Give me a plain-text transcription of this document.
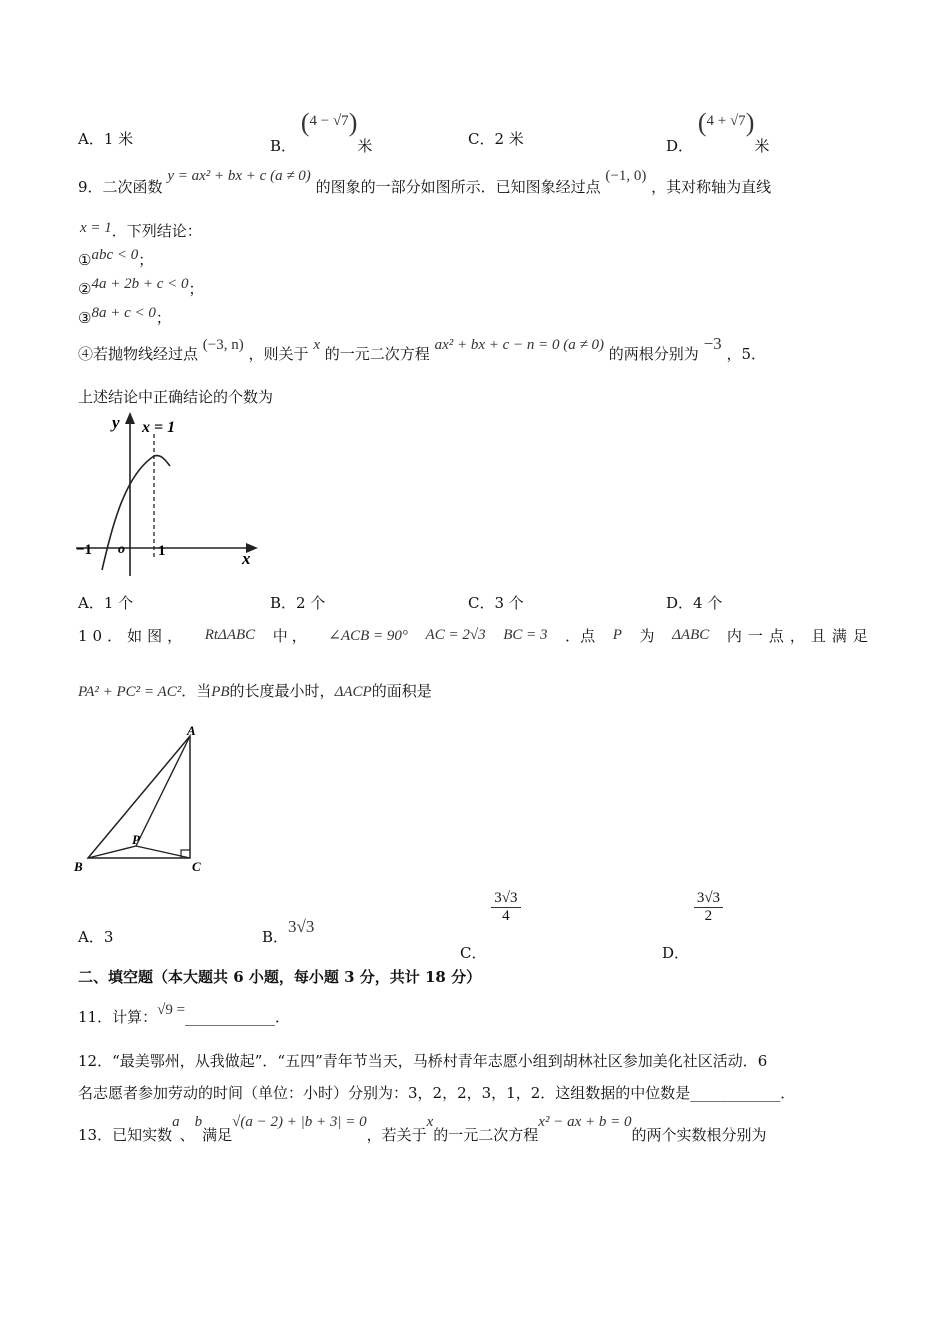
A．1 米	B． (4 − √7)米	C．2 米	D． (4 + √7)米
9．二次函数 y = ax² + bx + c (a ≠ 0) 的图象的一部分如图所示．已知图象经过点 (−1, 0) ，其对称轴为直线
x = 1．下列结论：
①abc < 0；
②4a + 2b + c < 0；
③8a + c < 0；
④若抛物线经过点 (−3, n) ，则关于 x 的一元二次方程 ax² + bx + c − n = 0 (a ≠ 0) 的两根分别为 −3 ，5．
上述结论中正确结论的个数为
y x = 1
x
o
−1	1
A．1 个	B．2 个	C．3 个	D．4 个
10．如图， RtΔABC 中， ∠ACB = 90° AC = 2√3 BC = 3 ．点 P 为 ΔABC 内一点，且满足
PA² + PC² = AC²．当PB的长度最小时，ΔACP的面积是
A
B	C
P
A．3	B．3√3
C．
$\frac{3√3}{4}$
D．
$\frac{3√3}{2}$
二、填空题（本大题共 6 小题，每小题 3 分，共计 18 分）
11．计算：√9 =____________．
12．“最美鄂州，从我做起”．“五四”青年节当天，马桥村青年志愿小组到胡林社区参加美化社区活动．6
名志愿者参加劳动的时间（单位：小时）分别为：3，2，2，3，1，2．这组数据的中位数是____________．
13．已知实数a、b满足√(a − 2) + |b + 3| = 0，若关于x的一元二次方程x² − ax + b = 0的两个实数根分别为
